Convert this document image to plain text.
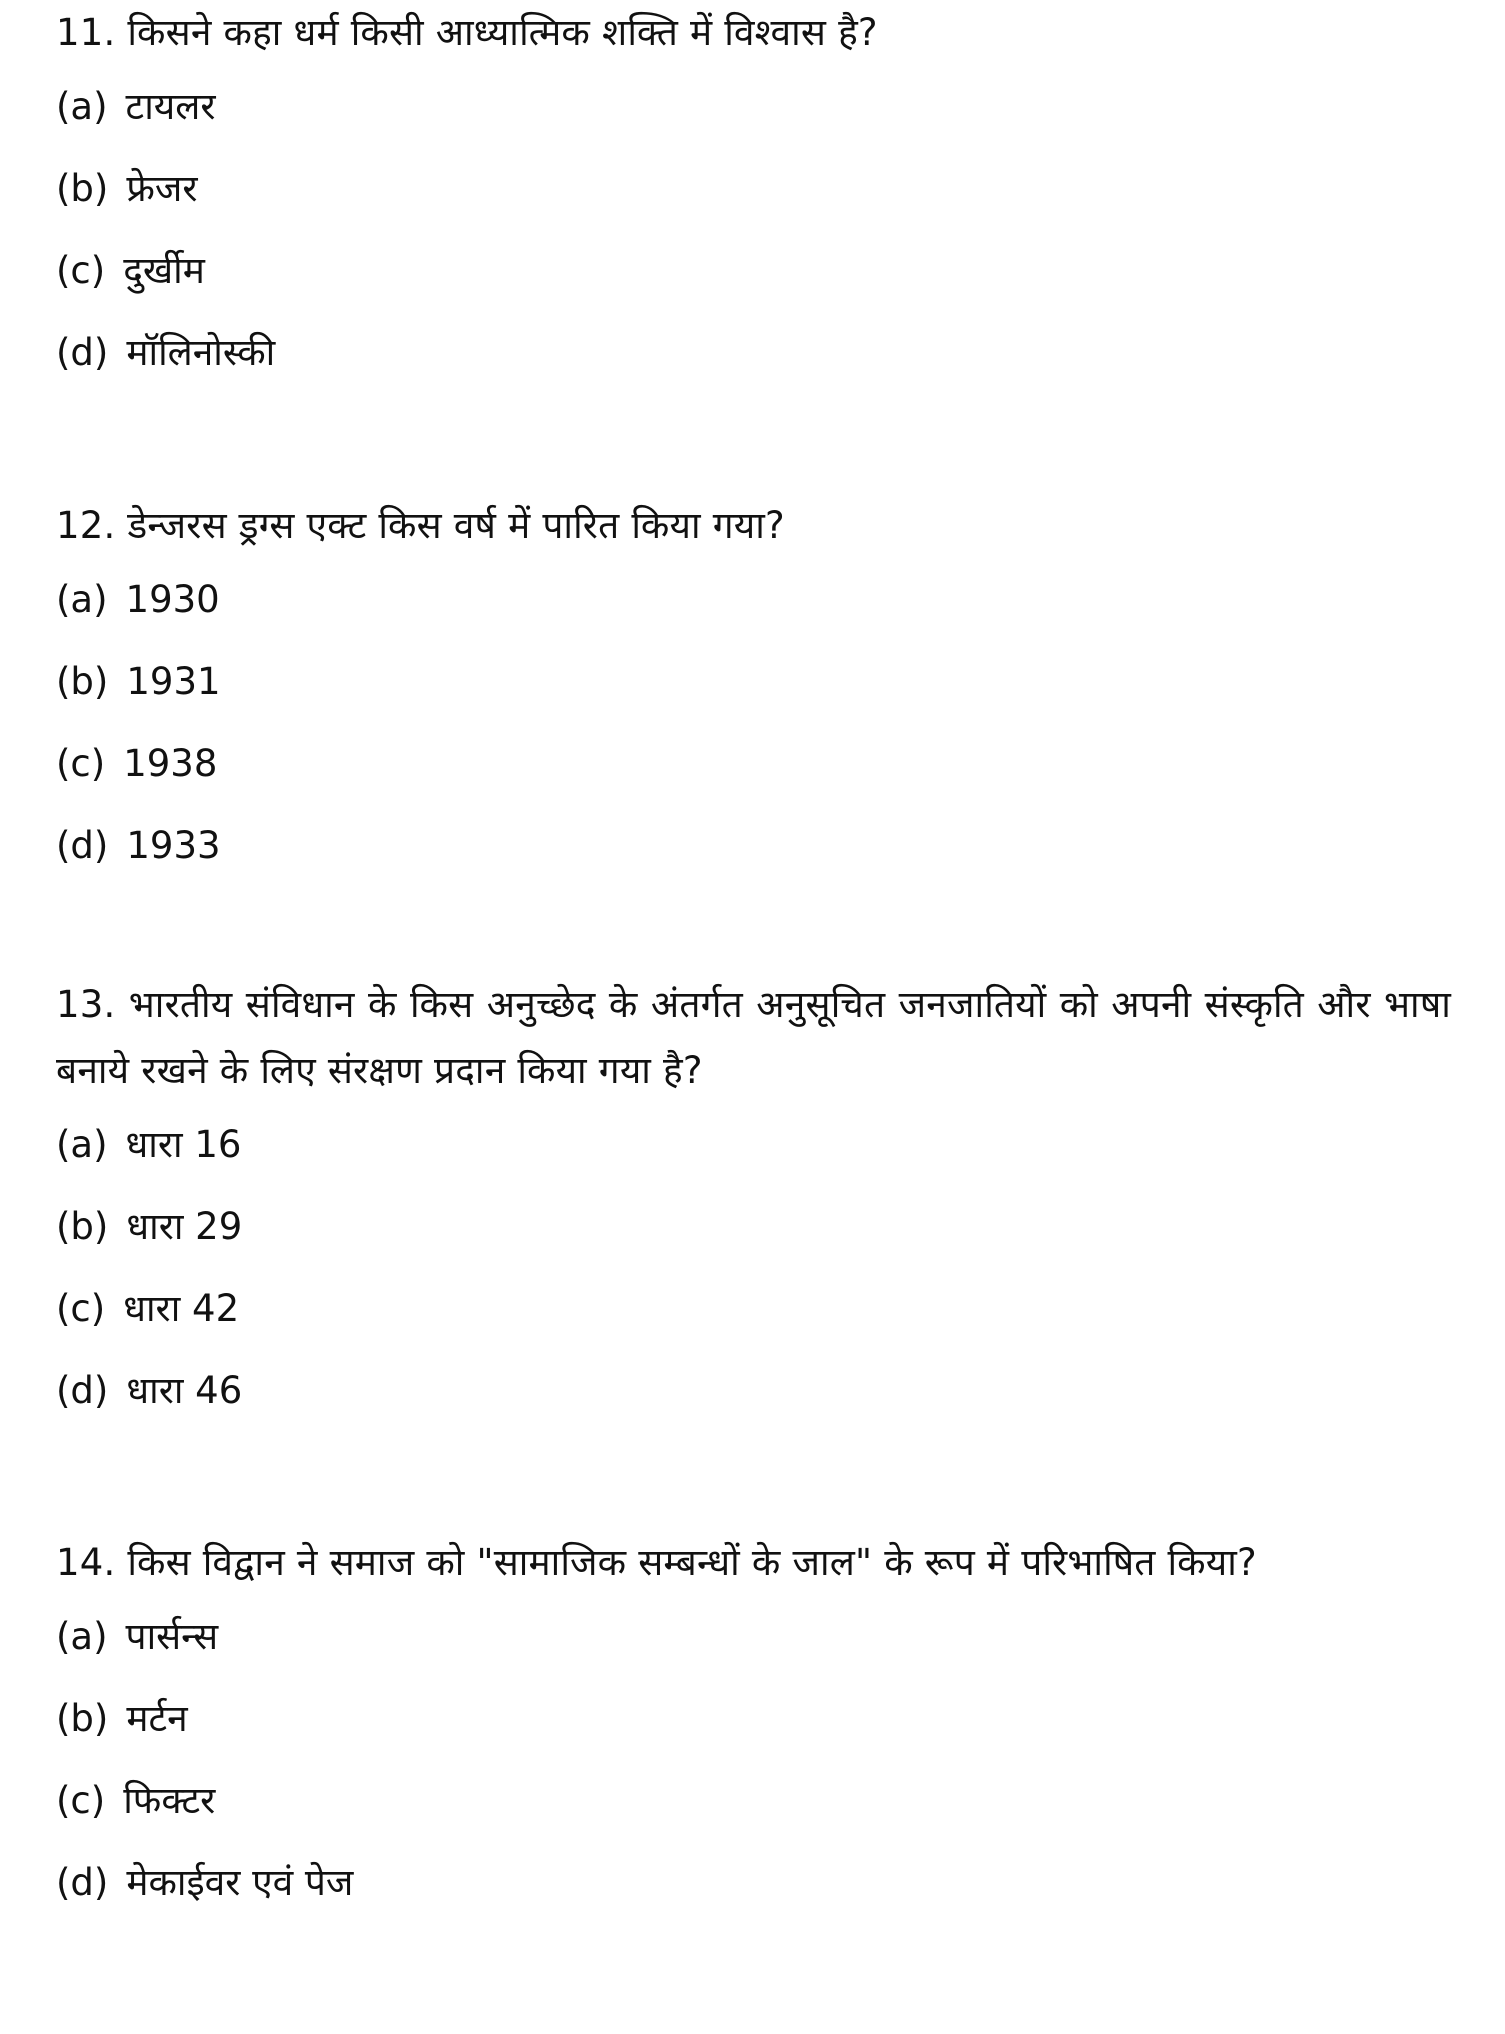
11. किसने कहा धर्म किसी आध्यात्मिक शक्ति में विश्वास है?

(a) टायलर
(b) फ्रेजर
(c) दुर्खीम
(d) मॉलिनोस्की

12. डेन्जरस ड्रग्स एक्ट किस वर्ष में पारित किया गया?

(a) 1930
(b) 1931
(c) 1938
(d) 1933

13. भारतीय संविधान के किस अनुच्छेद के अंतर्गत अनुसूचित जनजातियों को अपनी संस्कृति और भाषा बनाये रखने के लिए संरक्षण प्रदान किया गया है?

(a) धारा 16
(b) धारा 29
(c) धारा 42
(d) धारा 46

14. किस विद्वान ने समाज को "सामाजिक सम्बन्धों के जाल" के रूप में परिभाषित किया?

(a) पार्सन्स
(b) मर्टन
(c) फिक्टर
(d) मेकाईवर एवं पेज
